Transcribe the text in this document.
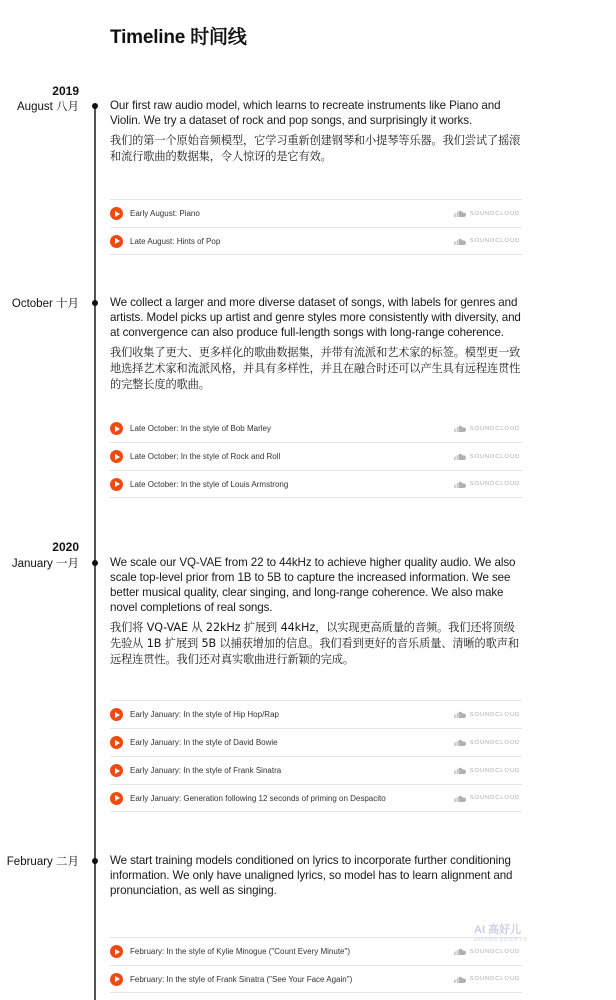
Timeline 时间线
2019
August 八月	Our first raw audio model, which learns to recreate instruments like Piano and Violin. We try a dataset of rock and pop songs, and surprisingly it works.
我们的第一个原始音频模型，它学习重新创建钢琴和小提琴等乐器。我们尝试了摇滚和流行歌曲的数据集，令人惊讶的是它有效。
Early August: Piano	SOUNDCLOUD
Late August: Hints of Pop	SOUNDCLOUD
October 十月	We collect a larger and more diverse dataset of songs, with labels for genres and artists. Model picks up artist and genre styles more consistently with diversity, and at convergence can also produce full-length songs with long-range coherence.
我们收集了更大、更多样化的歌曲数据集，并带有流派和艺术家的标签。模型更一致地选择艺术家和流派风格，并具有多样性，并且在融合时还可以产生具有远程连贯性的完整长度的歌曲。
Late October: In the style of Bob Marley	SOUNDCLOUD
Late October: In the style of Rock and Roll	SOUNDCLOUD
Late October: In the style of Louis Armstrong	SOUNDCLOUD
2020
January 一月	We scale our VQ-VAE from 22 to 44kHz to achieve higher quality audio. We also scale top-level prior from 1B to 5B to capture the increased information. We see better musical quality, clear singing, and long-range coherence. We also make novel completions of real songs.
我们将 VQ-VAE 从 22kHz 扩展到 44kHz，以实现更高质量的音频。我们还将顶级先验从 1B 扩展到 5B 以捕获增加的信息。我们看到更好的音乐质量、清晰的歌声和远程连贯性。我们还对真实歌曲进行新颖的完成。
Early January: In the style of Hip Hop/Rap	SOUNDCLOUD
Early January: In the style of David Bowie	SOUNDCLOUD
Early January: In the style of Frank Sinatra	SOUNDCLOUD
Early January: Generation following 12 seconds of priming on Despacito	SOUNDCLOUD
February 二月	We start training models conditioned on lyrics to incorporate further conditioning information. We only have unaligned lyrics, so model has to learn alignment and pronunciation, as well as singing.
February: In the style of Kylie Minogue ("Count Every Minute")	SOUNDCLOUD
February: In the style of Frank Sinatra ("See Your Face Again")	SOUNDCLOUD
AI 高好儿
AI热点资讯·前沿技术干货
